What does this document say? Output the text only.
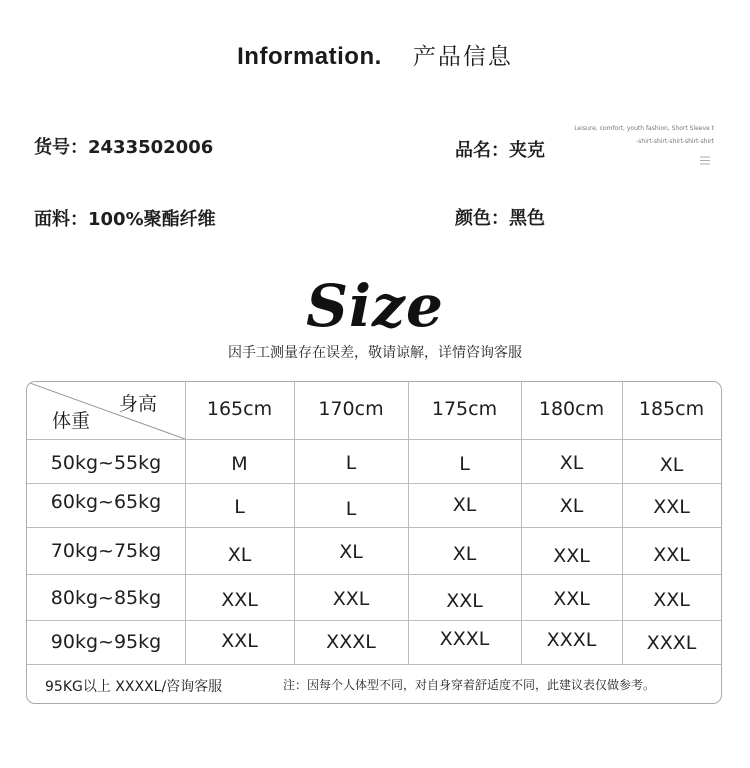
Information. 产品信息
货号：2433502006	品名：夹克
面料：100%聚酯纤维	颜色：黑色
Leisure, comfort, youth fashion, Short Sleeve t
-shirt-shirt-shirt-shirt-shirt
Size
因手工测量存在误差，敬请谅解，详情咨询客服
身高
体重
165cm	170cm	175cm	180cm	185cm
50kg~55kg	M	L	L	XL	XL
60kg~65kg	L	L	XL	XL	XXL
70kg~75kg	XL	XL	XL	XXL	XXL
80kg~85kg	XXL	XXL	XXL	XXL	XXL
90kg~95kg	XXL	XXXL	XXXL	XXXL	XXXL
95KG以上 XXXXL/咨询客服	注：因每个人体型不同，对自身穿着舒适度不同，此建议表仅做参考。
